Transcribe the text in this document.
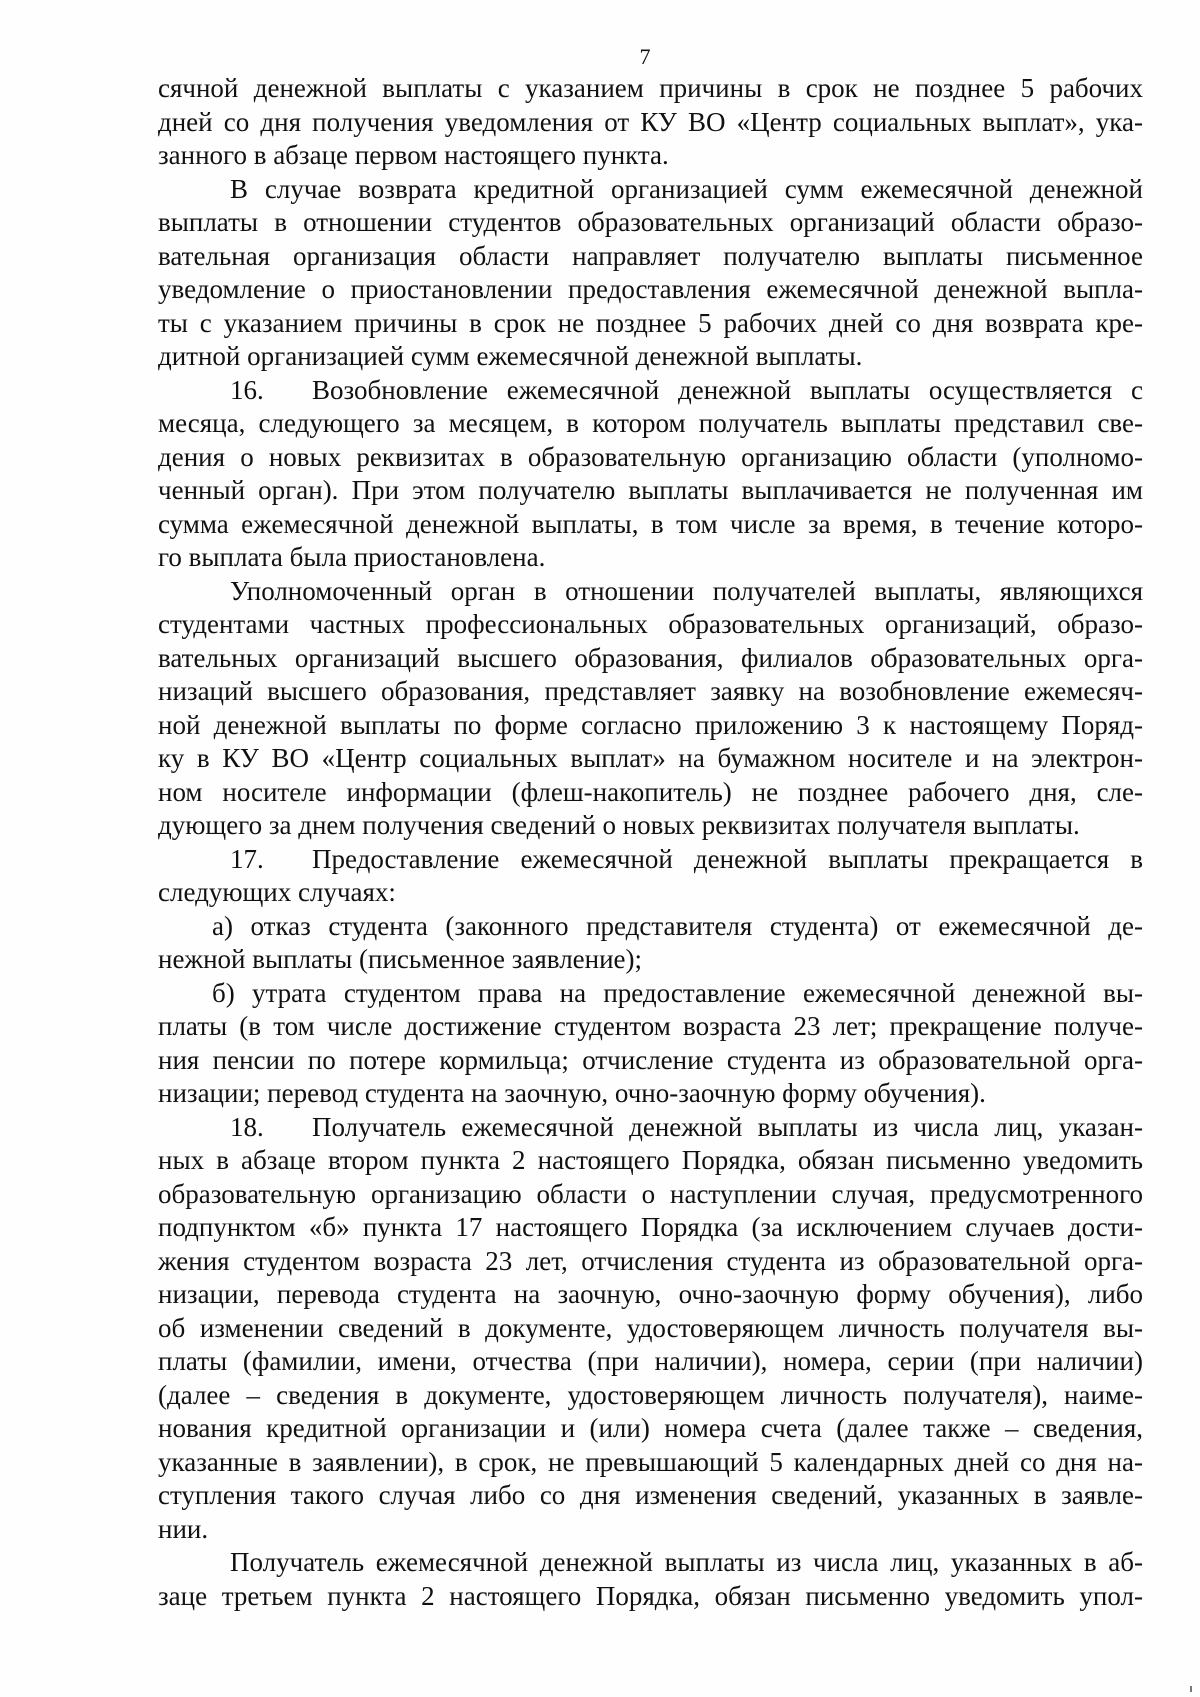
7
сячной денежной выплаты с указанием причины в срок не позднее 5 рабочих
дней со дня получения уведомления от КУ ВО «Центр социальных выплат», ука-
занного в абзаце первом настоящего пункта.
В случае возврата кредитной организацией сумм ежемесячной денежной
выплаты в отношении студентов образовательных организаций области образо-
вательная организация области направляет получателю выплаты письменное
уведомление о приостановлении предоставления ежемесячной денежной выпла-
ты с указанием причины в срок не позднее 5 рабочих дней со дня возврата кре-
дитной организацией сумм ежемесячной денежной выплаты.
16. Возобновление ежемесячной денежной выплаты осуществляется с
месяца, следующего за месяцем, в котором получатель выплаты представил све-
дения о новых реквизитах в образовательную организацию области (уполномо-
ченный орган). При этом получателю выплаты выплачивается не полученная им
сумма ежемесячной денежной выплаты, в том числе за время, в течение которо-
го выплата была приостановлена.
Уполномоченный орган в отношении получателей выплаты, являющихся
студентами частных профессиональных образовательных организаций, образо-
вательных организаций высшего образования, филиалов образовательных орга-
низаций высшего образования, представляет заявку на возобновление ежемесяч-
ной денежной выплаты по форме согласно приложению 3 к настоящему Поряд-
ку в КУ ВО «Центр социальных выплат» на бумажном носителе и на электрон-
ном носителе информации (флеш-накопитель) не позднее рабочего дня, сле-
дующего за днем получения сведений о новых реквизитах получателя выплаты.
17. Предоставление ежемесячной денежной выплаты прекращается в
следующих случаях:
а) отказ студента (законного представителя студента) от ежемесячной де-
нежной выплаты (письменное заявление);
б) утрата студентом права на предоставление ежемесячной денежной вы-
платы (в том числе достижение студентом возраста 23 лет; прекращение получе-
ния пенсии по потере кормильца; отчисление студента из образовательной орга-
низации; перевод студента на заочную, очно-заочную форму обучения).
18. Получатель ежемесячной денежной выплаты из числа лиц, указан-
ных в абзаце втором пункта 2 настоящего Порядка, обязан письменно уведомить
образовательную организацию области о наступлении случая, предусмотренного
подпунктом «б» пункта 17 настоящего Порядка (за исключением случаев дости-
жения студентом возраста 23 лет, отчисления студента из образовательной орга-
низации, перевода студента на заочную, очно-заочную форму обучения), либо
об изменении сведений в документе, удостоверяющем личность получателя вы-
платы (фамилии, имени, отчества (при наличии), номера, серии (при наличии)
(далее – сведения в документе, удостоверяющем личность получателя), наиме-
нования кредитной организации и (или) номера счета (далее также – сведения,
указанные в заявлении), в срок, не превышающий 5 календарных дней со дня на-
ступления такого случая либо со дня изменения сведений, указанных в заявле-
нии.
Получатель ежемесячной денежной выплаты из числа лиц, указанных в аб-
заце третьем пункта 2 настоящего Порядка, обязан письменно уведомить упол-
